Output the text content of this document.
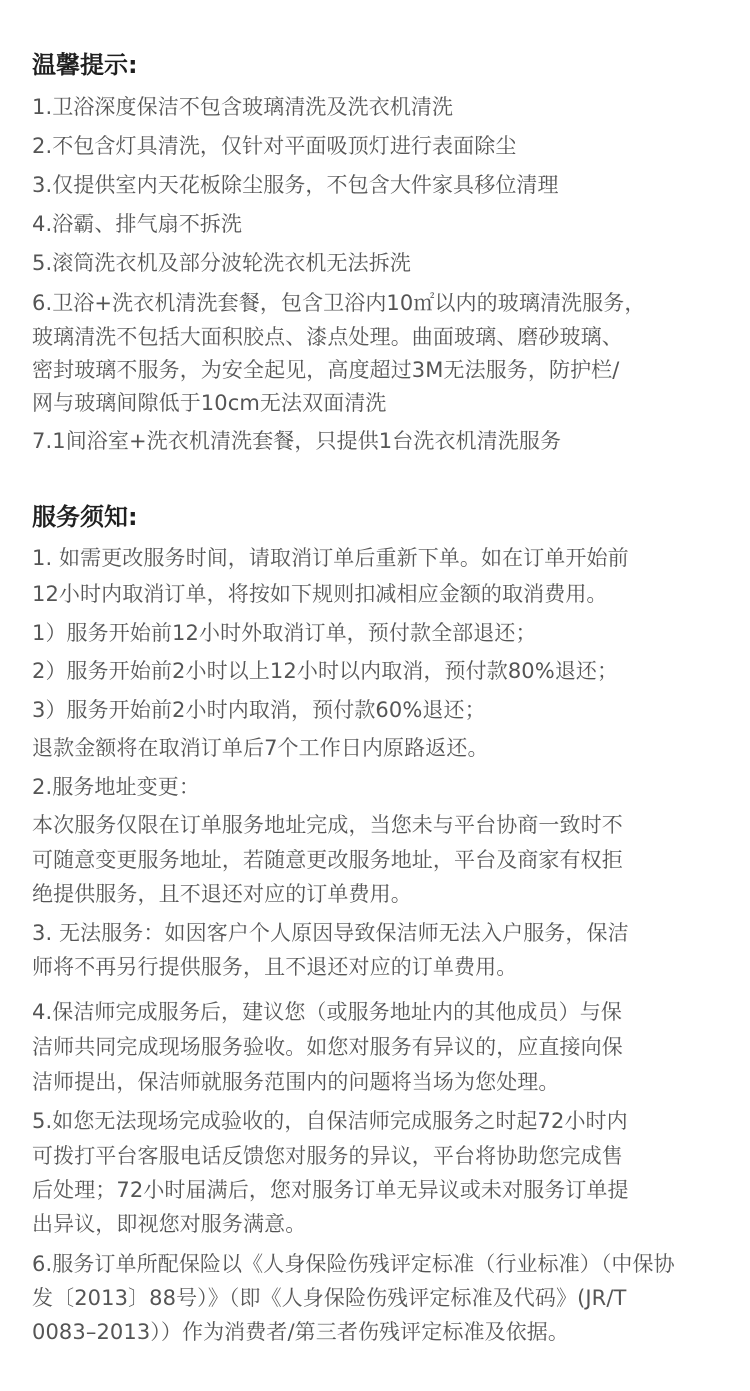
温馨提示:
1.卫浴深度保洁不包含玻璃清洗及洗衣机清洗
2.不包含灯具清洗，仅针对平面吸顶灯进行表面除尘
3.仅提供室内天花板除尘服务，不包含大件家具移位清理
4.浴霸、排气扇不拆洗
5.滚筒洗衣机及部分波轮洗衣机无法拆洗
6.卫浴+洗衣机清洗套餐，包含卫浴内10㎡以内的玻璃清洗服务，
玻璃清洗不包括大面积胶点、漆点处理。曲面玻璃、磨砂玻璃、
密封玻璃不服务，为安全起见，高度超过3M无法服务，防护栏/
网与玻璃间隙低于10cm无法双面清洗
7.1间浴室+洗衣机清洗套餐，只提供1台洗衣机清洗服务
服务须知:
1. 如需更改服务时间，请取消订单后重新下单。如在订单开始前
12小时内取消订单，将按如下规则扣减相应金额的取消费用。
1）服务开始前12小时外取消订单，预付款全部退还；
2）服务开始前2小时以上12小时以内取消，预付款80%退还；
3）服务开始前2小时内取消，预付款60%退还；
退款金额将在取消订单后7个工作日内原路返还。
2.服务地址变更：
本次服务仅限在订单服务地址完成，当您未与平台协商一致时不
可随意变更服务地址，若随意更改服务地址，平台及商家有权拒
绝提供服务，且不退还对应的订单费用。
3. 无法服务：如因客户个人原因导致保洁师无法入户服务，保洁
师将不再另行提供服务，且不退还对应的订单费用。
4.保洁师完成服务后，建议您（或服务地址内的其他成员）与保
洁师共同完成现场服务验收。如您对服务有异议的，应直接向保
洁师提出，保洁师就服务范围内的问题将当场为您处理。
5.如您无法现场完成验收的，自保洁师完成服务之时起72小时内
可拨打平台客服电话反馈您对服务的异议，平台将协助您完成售
后处理；72小时届满后，您对服务订单无异议或未对服务订单提
出异议，即视您对服务满意。
6.服务订单所配保险以《人身保险伤残评定标准（行业标准）（中保协
发〔2013〕88号）》（即《人身保险伤残评定标准及代码》(JR/T
0083–2013））作为消费者/第三者伤残评定标准及依据。
